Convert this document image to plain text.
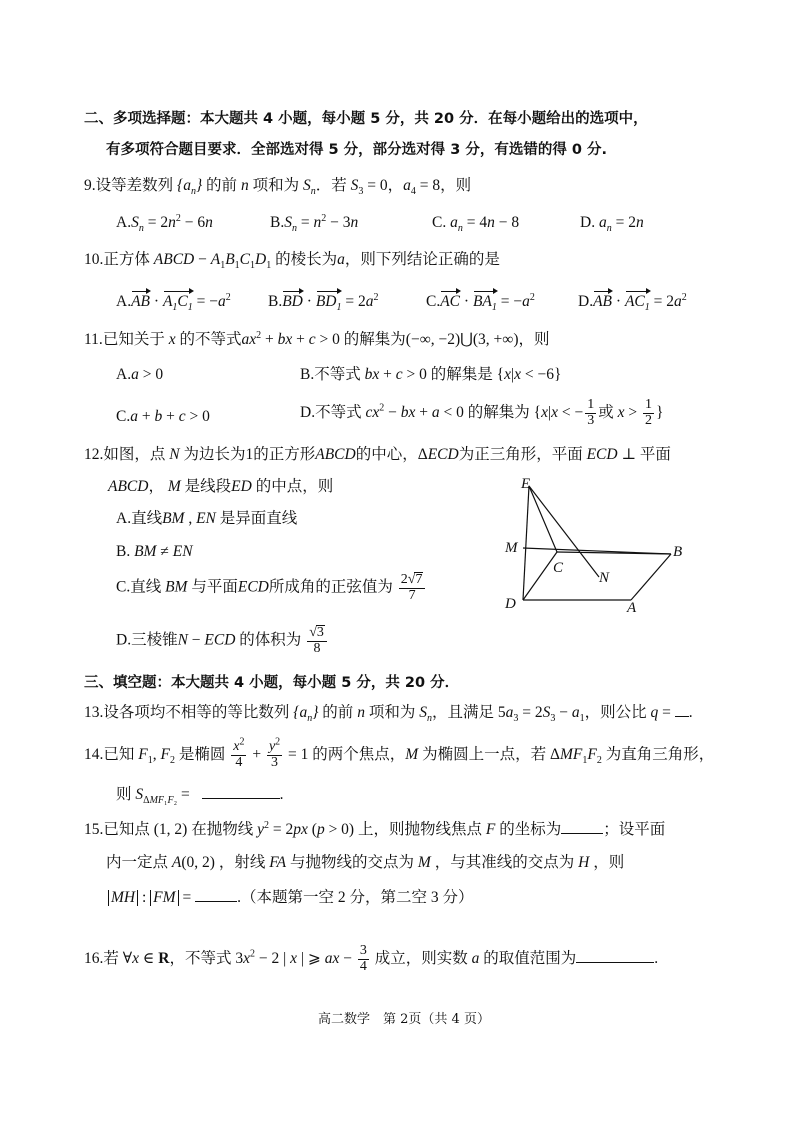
二、多项选择题：本大题共 4 小题，每小题 5 分，共 20 分．在每小题给出的选项中，
有多项符合题目要求．全部选对得 5 分，部分选对得 3 分，有选错的得 0 分.
9.设等差数列 $\{a_n\}$ 的前 n 项和为 $S_n$．若 $S_3 = 0$，$a_4 = 8$，则
$A.S_n = 2n^2 - 6n$	$B.S_n = n^2 - 3n$	C. $a_n = 4n - 8$	D. $a_n = 2n$
10.正方体 ABCD − $A_1B_1C_1D_1$ 的棱长为a，则下列结论正确的是
$A.AB \cdot A_1C_1 = -a^2$ $B.BD \cdot BD_1 = 2a^2$	$C.AC \cdot BA_1 = -a^2$	$D.AB \cdot AC_1 = 2a^2$
11.已知关于 x 的不等式$ax^2$ + bx + c > 0 的解集为(−∞, −2)⋃(3, +∞)，则
A.a > 0	B.不等式 bx + c > 0 的解集是 {x|x < −6}
C.a + b + c > 0	D.不等式 $cx^2$ − bx + a < 0 的解集为 {x|x < − $\frac{1}{3}$ 或 $x > \frac{1}{2}$ }
12.如图，点 N 为边长为1的正方形ABCD的中心，ΔECD为正三角形，平面 ECD ⊥ 平面
ABCD， M 是线段ED 的中点，则
A.直线BM , EN 是异面直线
B. BM ≠ EN
C.直线 BM 与平面ECD所成角的正弦值为 $\frac{2√7}{7}$
D.三棱锥N − ECD 的体积为 $\frac{√3}{8}$
E
M	B
C
N
D	A
三、填空题：本大题共 4 小题，每小题 5 分，共 20 分．
13.设各项均不相等的等比数列 $\{a_n\}$ 的前 n 项和为 $S_n$，且满足 $5a_3 = 2S_3 - a_1$，则公比 q = .
14.已知 $F_1$, $F_2$ 是椭圆 $\frac{x^2}{4} + \frac{y^2}{3} = 1$ 的两个焦点，M 为椭圆上一点，若 $\Delta MF_1F_2$ 为直角三角形，
则 $S_{\Delta MF_1F_2}$ =	.
15.已知点 (1, 2) 在抛物线 $y^2 = 2px$ (p > 0) 上，则抛物线焦点 F 的坐标为	；设平面
内一定点 A(0, 2) ，射线 FA 与抛物线的交点为 M ，与其准线的交点为 H ，则
MH : FM =	.（本题第一空 2 分，第二空 3 分）
16.若 ∀x ∈ R，不等式 $3x^2 - 2$ | x | ⩾ ax − $\frac{3}{4}$ 成立，则实数 a 的取值范围为	.
高二数学　第 2页（共 4 页）
